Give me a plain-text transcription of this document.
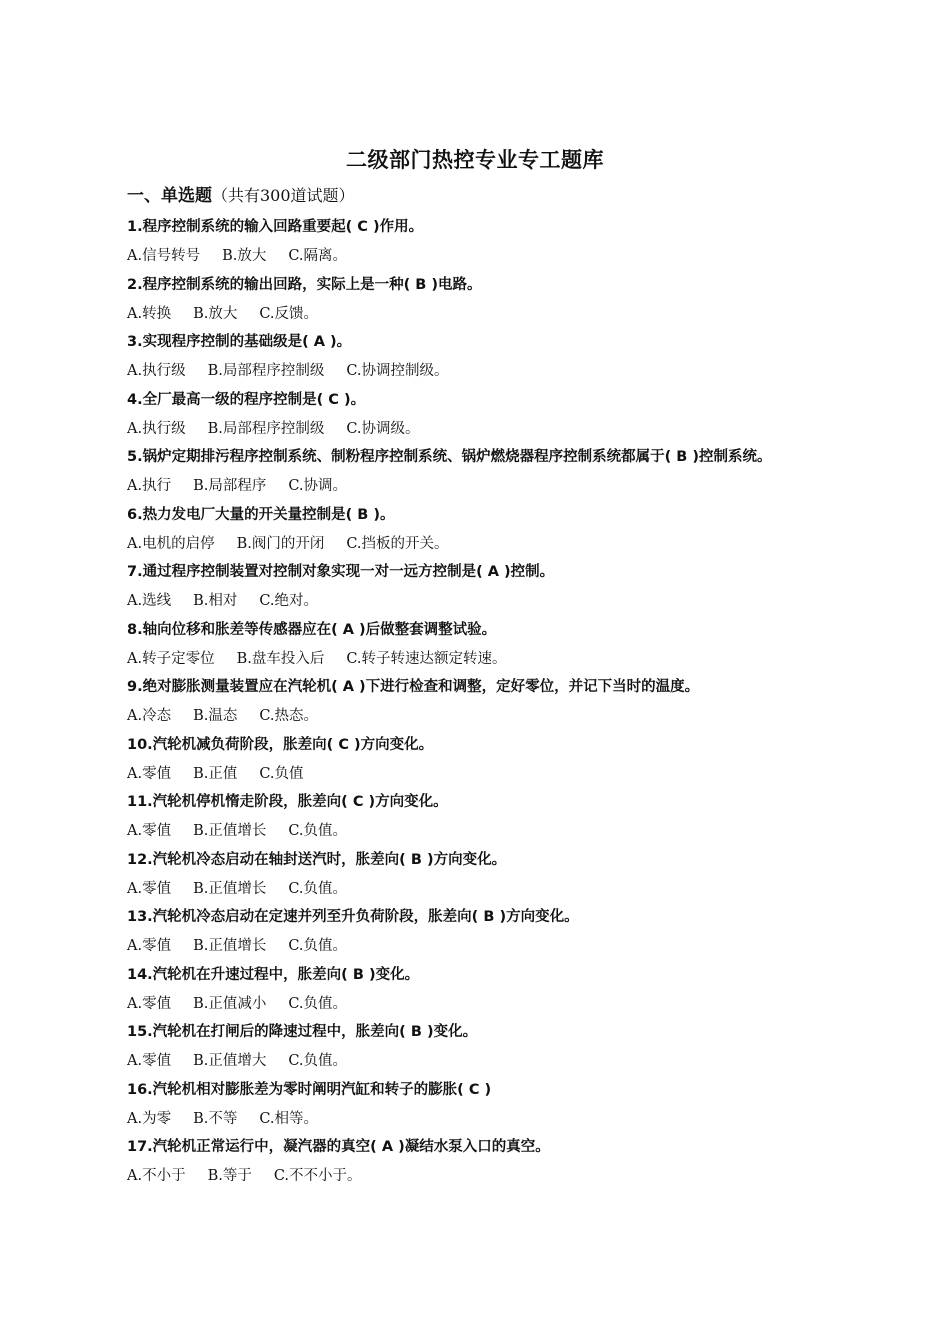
二级部门热控专业专工题库
一、单选题（共有300道试题）
1.程序控制系统的输入回路重要起( C )作用。
A.信号转号 B.放大 C.隔离。
2.程序控制系统的输出回路，实际上是一种( B )电路。
A.转换 B.放大 C.反馈。
3.实现程序控制的基础级是( A )。
A.执行级 B.局部程序控制级 C.协调控制级。
4.全厂最高一级的程序控制是( C )。
A.执行级 B.局部程序控制级 C.协调级。
5.锅炉定期排污程序控制系统、制粉程序控制系统、锅炉燃烧器程序控制系统都属于( B )控制系统。
A.执行 B.局部程序 C.协调。
6.热力发电厂大量的开关量控制是( B )。
A.电机的启停 B.阀门的开闭 C.挡板的开关。
7.通过程序控制装置对控制对象实现一对一远方控制是( A )控制。
A.选线 B.相对 C.绝对。
8.轴向位移和胀差等传感器应在( A )后做整套调整试验。
A.转子定零位 B.盘车投入后 C.转子转速达额定转速。
9.绝对膨胀测量装置应在汽轮机( A )下进行检查和调整，定好零位，并记下当时的温度。
A.冷态 B.温态 C.热态。
10.汽轮机减负荷阶段，胀差向( C )方向变化。
A.零值 B.正值 C.负值
11.汽轮机停机惰走阶段，胀差向( C )方向变化。
A.零值 B.正值增长 C.负值。
12.汽轮机冷态启动在轴封送汽时，胀差向( B )方向变化。
A.零值 B.正值增长 C.负值。
13.汽轮机冷态启动在定速并列至升负荷阶段，胀差向( B )方向变化。
A.零值 B.正值增长 C.负值。
14.汽轮机在升速过程中，胀差向( B )变化。
A.零值 B.正值减小 C.负值。
15.汽轮机在打闸后的降速过程中，胀差向( B )变化。
A.零值 B.正值增大 C.负值。
16.汽轮机相对膨胀差为零时阐明汽缸和转子的膨胀( C )
A.为零 B.不等 C.相等。
17.汽轮机正常运行中，凝汽器的真空( A )凝结水泵入口的真空。
A.不小于 B.等于 C.不不小于。
